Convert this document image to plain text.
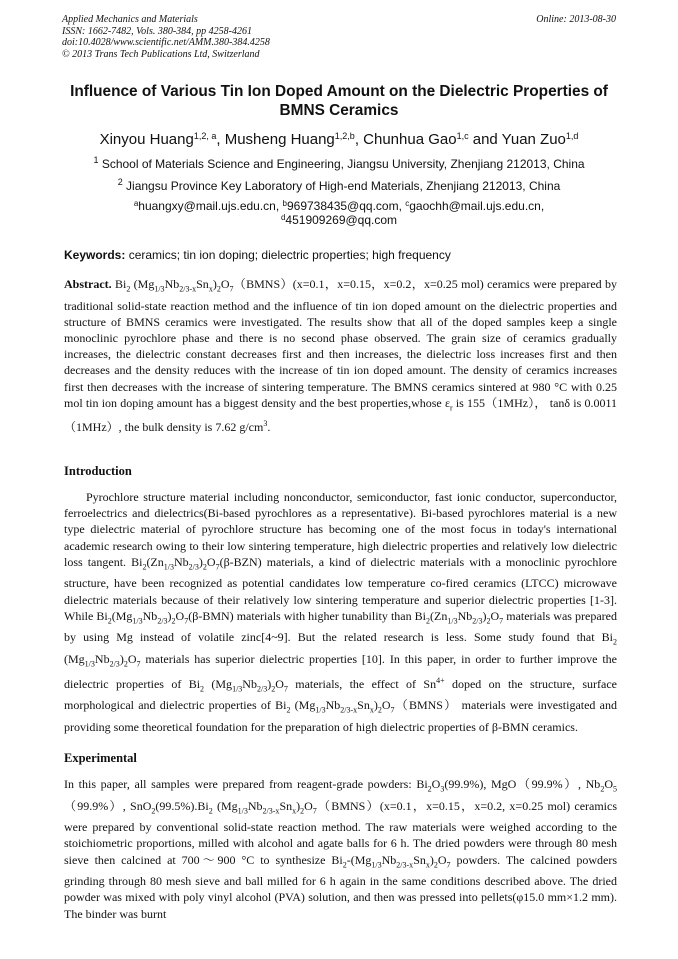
Applied Mechanics and Materials
ISSN: 1662-7482, Vols. 380-384, pp 4258-4261
doi:10.4028/www.scientific.net/AMM.380-384.4258
© 2013 Trans Tech Publications Ltd, Switzerland
Online: 2013-08-30
Influence of Various Tin Ion Doped Amount on the Dielectric Properties of BMNS Ceramics
Xinyou Huang$^{1,2, a}$, Musheng Huang$^{1,2,b}$, Chunhua Gao$^{1,c}$ and Yuan Zuo$^{1,d}$
$^1$ School of Materials Science and Engineering, Jiangsu University, Zhenjiang 212013, China
$^2$ Jiangsu Province Key Laboratory of High-end Materials, Zhenjiang 212013, China
$^a$huangxy@mail.ujs.edu.cn, $^b$969738435@qq.com, $^c$gaochh@mail.ujs.edu.cn,
$^d$451909269@qq.com
Keywords: ceramics; tin ion doping; dielectric properties; high frequency
Abstract. $Bi_2$ $(Mg_{1/3}Nb_{2/3-x}Sn_x)_2O_7(BMNS)(x=0.1$，x=0.15，x=0.2，x=0.25 mol) ceramics were prepared by traditional solid-state reaction method and the influence of tin ion doped amount on the dielectric properties and structure of BMNS ceramics were investigated. The results show that all of the doped samples keep a single monoclinic pyrochlore phase and there is no second phase observed. The grain size of ceramics gradually increases, the dielectric constant decreases first and then increases, the dielectric loss increases first and then decreases and the density reduces with the increase of tin ion doped amount. The density of ceramics increases first then decreases with the increase of sintering temperature. The BMNS ceramics sintered at 980 °C with 0.25 mol tin ion doping amount has a biggest density and the best properties,whose $\varepsilon_r$ is 155（1MHz）， tanδ is 0.0011（1MHz）, the bulk density is 7.62 $g/cm^3$.
Introduction
Pyrochlore structure material including nonconductor, semiconductor, fast ionic conductor, superconductor, ferroelectrics and dielectrics(Bi-based pyrochlores as a representative). Bi-based pyrochlores material is a new type dielectric material of pyrochlore structure has becoming one of the most focus in today's international academic research owing to their low sintering temperature, high dielectric properties and relatively low dielectric loss tangent. $Bi_2(Zn_{1/3}Nb_{2/3})_2O_7(\beta-BZN)$ materials, a kind of dielectric materials with a monoclinic pyrochlore structure, have been recognized as potential candidates low temperature co-fired ceramics (LTCC) microwave dielectric materials because of their relatively low sintering temperature and superior dielectric properties [1-3]. While $Bi_2(Mg_{1/3}Nb_{2/3})_2O_7(\beta-BMN)$ materials with higher tunability than $Bi_2(Zn_{1/3}Nb_{2/3})_2O_7$ materials was prepared by using Mg instead of volatile zinc[4~9]. But the related research is less. Some study found that $Bi_2$ $(Mg_{1/3}Nb_{2/3})_2O_7$ materials has superior dielectric properties [10]. In this paper, in order to further improve the dielectric properties of $Bi_2$ $(Mg_{1/3}Nb_{2/3})_2O_7$ materials, the effect of $Sn^{4+}$ doped on the structure, surface morphological and dielectric properties of $Bi_2$ $(Mg_{1/3}Nb_{2/3-x}Sn_x)_2O_7(BMNS)$ materials were investigated and providing some theoretical foundation for the preparation of high dielectric properties of β-BMN ceramics.
Experimental
In this paper, all samples were prepared from reagent-grade powders: $Bi_2O_3(99.9\%)$, MgO（99.9%）, $Nb_2O_5(99.9\%)$, $SnO_2(99.5\%).Bi_2$ $(Mg_{1/3}Nb_{2/3-x}Sn_x)_2O_7(BMNS)(x=0.1$，x=0.15，x=0.2, x=0.25 mol) ceramics were prepared by conventional solid-state reaction method. The raw materials were weighed according to the stoichiometric proportions, milled with alcohol and agate balls for 6 h. The dried powders were through 80 mesh sieve then calcined at 700～900 °C to synthesize $Bi_2-(Mg_{1/3}Nb_{2/3-x}Sn_x)_2O_7$ powders. The calcined powders grinding through 80 mesh sieve and ball milled for 6 h again in the same conditions described above. The dried powder was mixed with poly vinyl alcohol (PVA) solution, and then was pressed into pellets(φ15.0 mm×1.2 mm). The binder was burnt
